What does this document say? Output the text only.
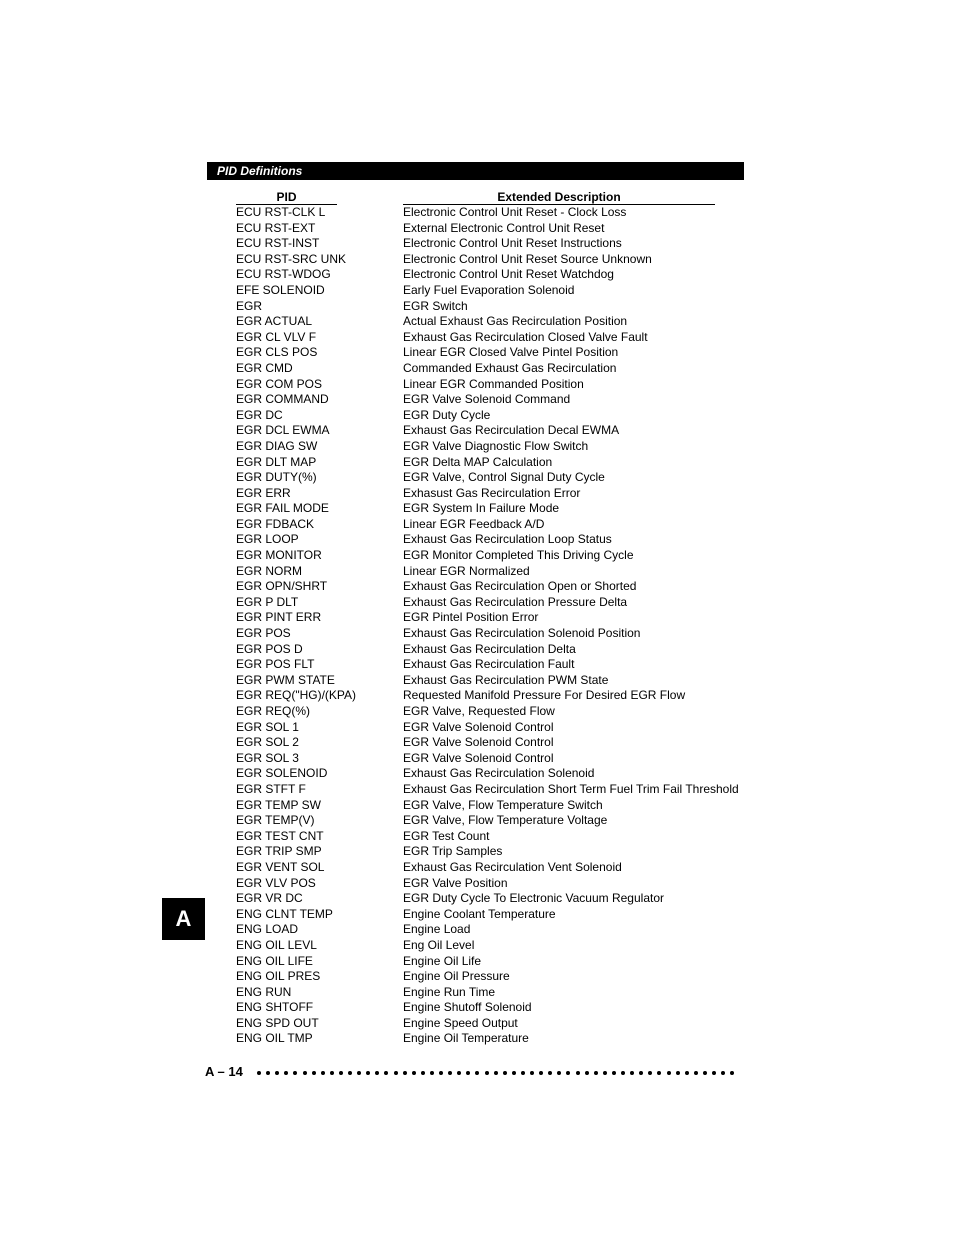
PID Definitions
PID	Extended Description
ECU RST-CLK L	Electronic Control Unit Reset - Clock Loss
ECU RST-EXT	External Electronic Control Unit Reset
ECU RST-INST	Electronic Control Unit Reset Instructions
ECU RST-SRC UNK	Electronic Control Unit Reset Source Unknown
ECU RST-WDOG	Electronic Control Unit Reset Watchdog
EFE SOLENOID	Early Fuel Evaporation Solenoid
EGR	EGR Switch
EGR ACTUAL	Actual Exhaust Gas Recirculation Position
EGR CL VLV F	Exhaust Gas Recirculation Closed Valve Fault
EGR CLS POS	Linear EGR Closed Valve Pintel Position
EGR CMD	Commanded Exhaust Gas Recirculation
EGR COM POS	Linear EGR Commanded Position
EGR COMMAND	EGR Valve Solenoid Command
EGR DC	EGR Duty Cycle
EGR DCL EWMA	Exhaust Gas Recirculation Decal EWMA
EGR DIAG SW	EGR Valve Diagnostic Flow Switch
EGR DLT MAP	EGR Delta MAP Calculation
EGR DUTY(%)	EGR Valve, Control Signal Duty Cycle
EGR ERR	Exhasust Gas Recirculation Error
EGR FAIL MODE	EGR System In Failure Mode
EGR FDBACK	Linear EGR Feedback A/D
EGR LOOP	Exhaust Gas Recirculation Loop Status
EGR MONITOR	EGR Monitor Completed This Driving Cycle
EGR NORM	Linear EGR Normalized
EGR OPN/SHRT	Exhaust Gas Recirculation Open or Shorted
EGR P DLT	Exhaust Gas Recirculation Pressure Delta
EGR PINT ERR	EGR Pintel Position Error
EGR POS	Exhaust Gas Recirculation Solenoid Position
EGR POS D	Exhaust Gas Recirculation Delta
EGR POS FLT	Exhaust Gas Recirculation Fault
EGR PWM STATE	Exhaust Gas Recirculation PWM State
EGR REQ("HG)/(KPA)	Requested Manifold Pressure For Desired EGR Flow
EGR REQ(%)	EGR Valve, Requested Flow
EGR SOL 1	EGR Valve Solenoid Control
EGR SOL 2	EGR Valve Solenoid Control
EGR SOL 3	EGR Valve Solenoid Control
EGR SOLENOID	Exhaust Gas Recirculation Solenoid
EGR STFT F	Exhaust Gas Recirculation Short Term Fuel Trim Fail Threshold
EGR TEMP SW	EGR Valve, Flow Temperature Switch
EGR TEMP(V)	EGR Valve, Flow Temperature Voltage
EGR TEST CNT	EGR Test Count
EGR TRIP SMP	EGR Trip Samples
EGR VENT SOL	Exhaust Gas Recirculation Vent Solenoid
EGR VLV POS	EGR Valve Position
EGR VR DC	EGR Duty Cycle To Electronic Vacuum Regulator
ENG CLNT TEMP	Engine Coolant Temperature
ENG LOAD	Engine Load
ENG OIL LEVL	Eng Oil Level
ENG OIL LIFE	Engine Oil Life
ENG OIL PRES	Engine Oil Pressure
ENG RUN	Engine Run Time
ENG SHTOFF	Engine Shutoff Solenoid
ENG SPD OUT	Engine Speed Output
ENG OIL TMP	Engine Oil Temperature
A
A – 14
